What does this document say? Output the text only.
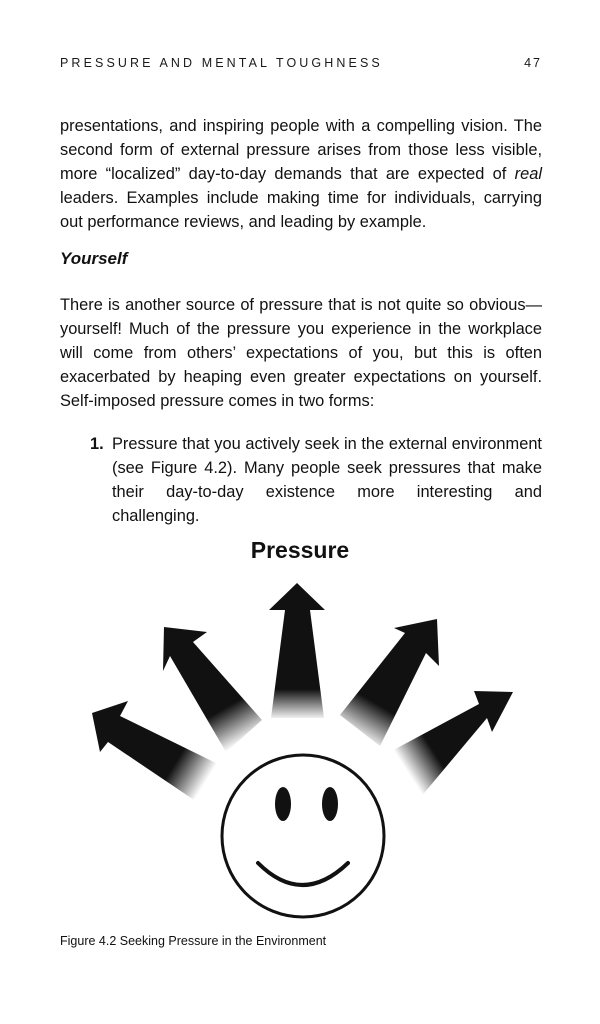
PRESSURE AND MENTAL TOUGHNESS	47

presentations, and inspiring people with a compelling vision. The second form of external pressure arises from those less visible, more “localized” day-to-day demands that are expected of real leaders. Examples include making time for individuals, carrying out performance reviews, and leading by example.

Yourself

There is another source of pressure that is not quite so obvious—yourself! Much of the pressure you experience in the workplace will come from others’ expectations of you, but this is often exacerbated by heaping even greater expectations on yourself. Self-imposed pressure comes in two forms:

1. Pressure that you actively seek in the external environment (see Figure 4.2). Many people seek pressures that make their day-to-day existence more interesting and challenging.
Pressure
Figure 4.2 Seeking Pressure in the Environment
